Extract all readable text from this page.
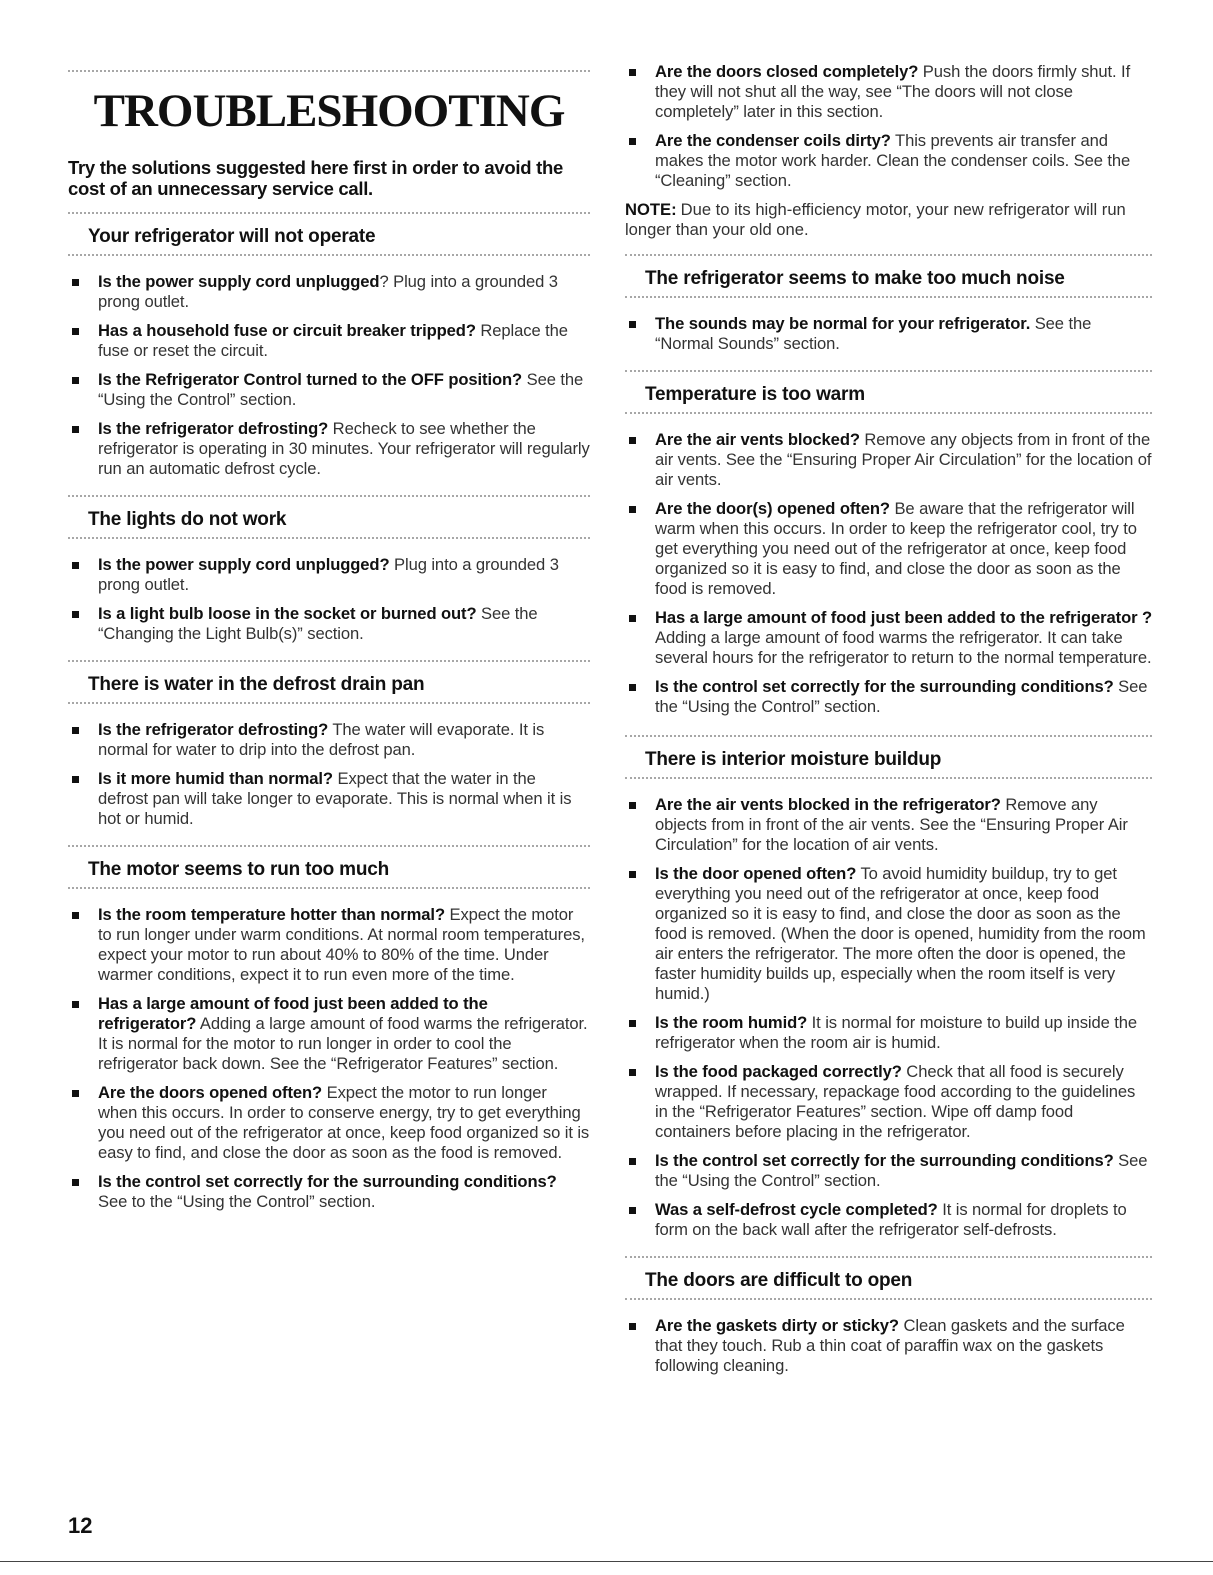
TROUBLESHOOTING

Try the solutions suggested here first in order to avoid the cost of an unnecessary service call.

Your refrigerator will not operate
Is the power supply cord unplugged? Plug into a grounded 3 prong outlet.
Has a household fuse or circuit breaker tripped? Replace the fuse or reset the circuit.
Is the Refrigerator Control turned to the OFF position? See the “Using the Control” section.
Is the refrigerator defrosting? Recheck to see whether the refrigerator is operating in 30 minutes. Your refrigerator will regularly run an automatic defrost cycle.
The lights do not work
Is the power supply cord unplugged? Plug into a grounded 3 prong outlet.
Is a light bulb loose in the socket or burned out? See the “Changing the Light Bulb(s)” section.
There is water in the defrost drain pan
Is the refrigerator defrosting? The water will evaporate. It is normal for water to drip into the defrost pan.
Is it more humid than normal? Expect that the water in the defrost pan will take longer to evaporate. This is normal when it is hot or humid.
The motor seems to run too much
Is the room temperature hotter than normal? Expect the motor to run longer under warm conditions. At normal room temperatures, expect your motor to run about 40% to 80% of the time. Under warmer conditions, expect it to run even more of the time.
Has a large amount of food just been added to the refrigerator? Adding a large amount of food warms the refrigerator. It is normal for the motor to run longer in order to cool the refrigerator back down. See the “Refrigerator Features” section.
Are the doors opened often? Expect the motor to run longer when this occurs. In order to conserve energy, try to get everything you need out of the refrigerator at once, keep food organized so it is easy to find, and close the door as soon as the food is removed.
Is the control set correctly for the surrounding conditions? See to the “Using the Control” section.
Are the doors closed completely? Push the doors firmly shut. If they will not shut all the way, see “The doors will not close completely” later in this section.
Are the condenser coils dirty? This prevents air transfer and makes the motor work harder. Clean the condenser coils. See the “Cleaning” section.

NOTE: Due to its high-efficiency motor, your new refrigerator will run longer than your old one.

The refrigerator seems to make too much noise
The sounds may be normal for your refrigerator. See the “Normal Sounds” section.
Temperature is too warm
Are the air vents blocked? Remove any objects from in front of the air vents. See the “Ensuring Proper Air Circulation” for the location of air vents.
Are the door(s) opened often? Be aware that the refrigerator will warm when this occurs. In order to keep the refrigerator cool, try to get everything you need out of the refrigerator at once, keep food organized so it is easy to find, and close the door as soon as the food is removed.
Has a large amount of food just been added to the refrigerator ? Adding a large amount of food warms the refrigerator. It can take several hours for the refrigerator to return to the normal temperature.
Is the control set correctly for the surrounding conditions? See the “Using the Control” section.
There is interior moisture buildup
Are the air vents blocked in the refrigerator? Remove any objects from in front of the air vents. See the “Ensuring Proper Air Circulation” for the location of air vents.
Is the door opened often? To avoid humidity buildup, try to get everything you need out of the refrigerator at once, keep food organized so it is easy to find, and close the door as soon as the food is removed. (When the door is opened, humidity from the room air enters the refrigerator. The more often the door is opened, the faster humidity builds up, especially when the room itself is very humid.)
Is the room humid? It is normal for moisture to build up inside the refrigerator when the room air is humid.
Is the food packaged correctly? Check that all food is securely wrapped. If necessary, repackage food according to the guidelines in the “Refrigerator Features” section. Wipe off damp food containers before placing in the refrigerator.
Is the control set correctly for the surrounding conditions? See the “Using the Control” section.
Was a self-defrost cycle completed? It is normal for droplets to form on the back wall after the refrigerator self-defrosts.
The doors are difficult to open
Are the gaskets dirty or sticky? Clean gaskets and the surface that they touch. Rub a thin coat of paraffin wax on the gaskets following cleaning.
12
